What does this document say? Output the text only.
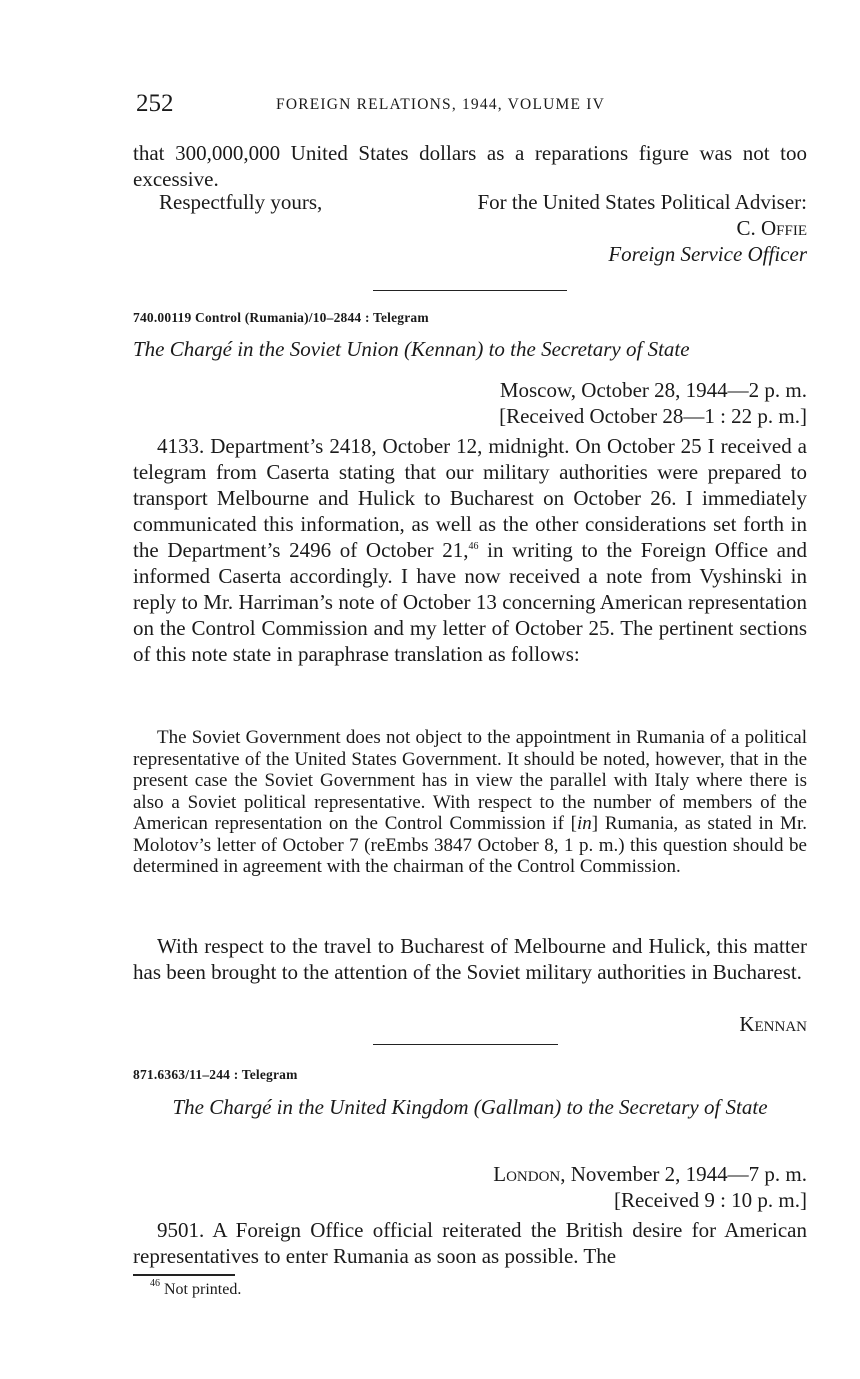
252	FOREIGN RELATIONS, 1944, VOLUME IV
that 300,000,000 United States dollars as a reparations figure was not too excessive.
Respectfully yours,	For the United States Political Adviser:
C. Offie
Foreign Service Officer
740.00119 Control (Rumania)/10–2844 : Telegram
The Chargé in the Soviet Union (Kennan) to the Secretary of State
Moscow, October 28, 1944—2 p. m.
[Received October 28—1 : 22 p. m.]
4133. Department’s 2418, October 12, midnight. On October 25 I received a telegram from Caserta stating that our military authorities were prepared to transport Melbourne and Hulick to Bucharest on October 26. I immediately communicated this information, as well as the other considerations set forth in the Department’s 2496 of October 21,46 in writing to the Foreign Office and informed Caserta accordingly. I have now received a note from Vyshinski in reply to Mr. Harriman’s note of October 13 concerning American representation on the Control Commission and my letter of October 25. The pertinent sections of this note state in paraphrase translation as follows:
The Soviet Government does not object to the appointment in Rumania of a political representative of the United States Government. It should be noted, however, that in the present case the Soviet Government has in view the parallel with Italy where there is also a Soviet political representative. With respect to the number of members of the American representation on the Control Commission if [in] Rumania, as stated in Mr. Molotov’s letter of October 7 (reEmbs 3847 October 8, 1 p. m.) this question should be determined in agreement with the chairman of the Control Commission.
With respect to the travel to Bucharest of Melbourne and Hulick, this matter has been brought to the attention of the Soviet military authorities in Bucharest.
Kennan
871.6363/11–244 : Telegram
The Chargé in the United Kingdom (Gallman) to the Secretary of State
London, November 2, 1944—7 p. m.
[Received 9 : 10 p. m.]
9501. A Foreign Office official reiterated the British desire for American representatives to enter Rumania as soon as possible. The
$^{46}$ Not printed.
